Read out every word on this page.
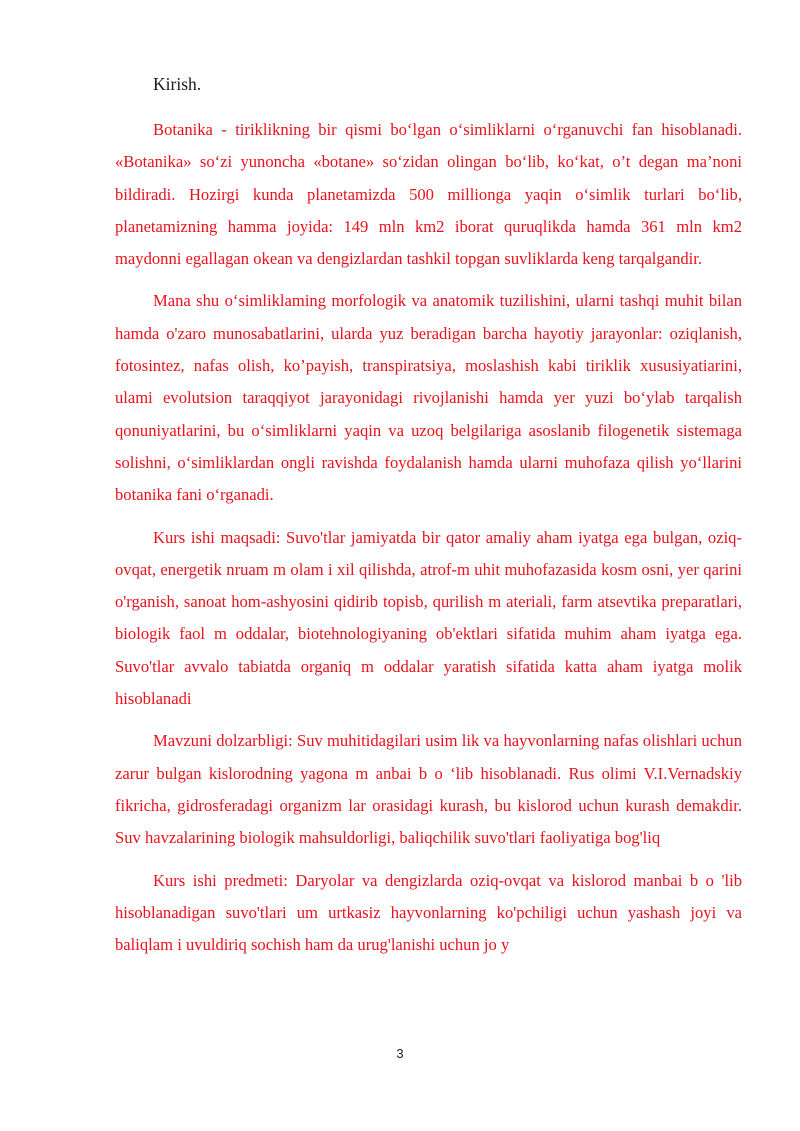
Kirish.

Botanika - tiriklikning bir qismi bo‘lgan o‘simliklarni o‘rganuvchi fan hisoblanadi. «Botanika» so‘zi yunoncha «botane» so‘zidan olingan bo‘lib, ko‘kat, o’t degan ma’noni bildiradi. Hozirgi kunda planetamizda 500 millionga yaqin o‘simlik turlari bo‘lib, planetamizning hamma joyida: 149 mln km2 iborat quruqlikda hamda 361 mln km2 maydonni egallagan okean va dengizlardan tashkil topgan suvliklarda keng tarqalgandir.

Mana shu o‘simliklaming morfologik va anatomik tuzilishini, ularni tashqi muhit bilan hamda o'zaro munosabatlarini, ularda yuz beradigan barcha hayotiy jarayonlar: oziqlanish, fotosintez, nafas olish, ko’payish, transpiratsiya, moslashish kabi tiriklik xususiyatiarini, ulami evolutsion taraqqiyot jarayonidagi rivojlanishi hamda yer yuzi bo‘ylab tarqalish qonuniyatlarini, bu o‘simliklarni yaqin va uzoq belgilariga asoslanib filogenetik sistemaga solishni, o‘simliklardan ongli ravishda foydalanish hamda ularni muhofaza qilish yo‘llarini botanika fani o‘rganadi.

Kurs ishi maqsadi: Suvo'tlar jamiyatda bir qator amaliy aham iyatga ega bulgan, oziq-ovqat, energetik nruam m olam i xil qilishda, atrof-m uhit muhofazasida kosm osni, yer qarini o'rganish, sanoat hom-ashyosini qidirib topisb, qurilish m ateriali, farm atsevtika preparatlari, biologik faol m oddalar, biotehnologiyaning ob'ektlari sifatida muhim aham iyatga ega. Suvo'tlar avvalo tabiatda organiq m oddalar yaratish sifatida katta aham iyatga molik hisoblanadi

Mavzuni dolzarbligi: Suv muhitidagilari usim lik va hayvonlarning nafas olishlari uchun zarur bulgan kislorodning yagona m anbai b o ‘lib hisoblanadi. Rus olimi V.I.Vernadskiy fikricha, gidrosferadagi organizm lar orasidagi kurash, bu kislorod uchun kurash demakdir. Suv havzalarining biologik mahsuldorligi, baliqchilik suvo'tlari faoliyatiga bog'liq

Kurs ishi predmeti: Daryolar va dengizlarda oziq-ovqat va kislorod manbai b o 'lib hisoblanadigan suvo'tlari um urtkasiz hayvonlarning ko'pchiligi uchun yashash joyi va baliqlam i uvuldiriq sochish ham da urug'lanishi uchun jo y

3
